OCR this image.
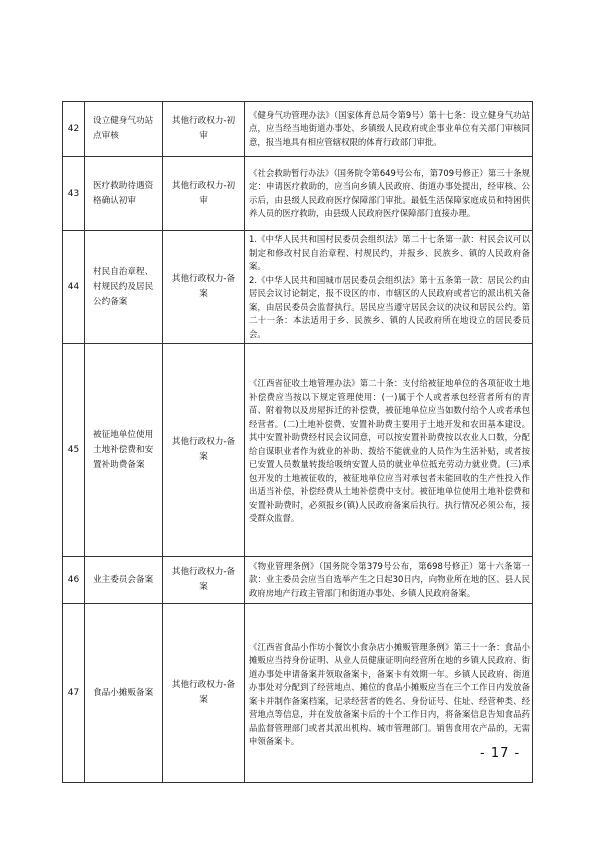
42	设立健身气功站点审核	其他行政权力-初审	《健身气功管理办法》（国家体育总局令第9号）第十七条：设立健身气功站点，应当经当地街道办事处、乡镇级人民政府或企事业单位有关部门审核同意，报当地具有相应管辖权限的体育行政部门审批。

43	医疗救助待遇资格确认初审	其他行政权力-初审	《社会救助暂行办法》（国务院令第649号公布，第709号修正）第三十条规定：申请医疗救助的，应当向乡镇人民政府、街道办事处提出，经审核、公示后，由县级人民政府医疗保障部门审批。最低生活保障家庭成员和特困供养人员的医疗救助，由县级人民政府医疗保障部门直接办理。

44	村民自治章程、村规民约及居民公约备案	其他行政权力-备案	1.《中华人民共和国村民委员会组织法》第二十七条第一款：村民会议可以制定和修改村民自治章程、村规民约，并报乡、民族乡、镇的人民政府备案。

2.《中华人民共和国城市居民委员会组织法》第十五条第一款：居民公约由居民会议讨论制定，报不设区的市、市辖区的人民政府或者它的派出机关备案，由居民委员会监督执行。居民应当遵守居民会议的决议和居民公约。第二十一条：本法适用于乡、民族乡、镇的人民政府所在地设立的居民委员会。

45	被征地单位使用土地补偿费和安置补助费备案	其他行政权力-备案	《江西省征收土地管理办法》第二十条：支付给被征地单位的各项征收土地补偿费应当按以下规定管理使用：(一)属于个人或者承包经营者所有的青苗、附着物以及房屋拆迁的补偿费，被征地单位应当如数付给个人或者承包经营者。(二)土地补偿费、安置补助费主要用于土地开发和农田基本建设。其中安置补助费经村民会议同意，可以按安置补助费按以农业人口数，分配给自谋职业者作为就业的补助、拨给不能就业的人员作为生活补贴，或者按已安置人员数量转拨给吸纳安置人员的就业单位抵充劳动力就业费。(三)承包开发的土地被征收的，被征地单位应当对承包者未能回收的生产性投入作出适当补偿，补偿经费从土地补偿费中支付。被征地单位使用土地补偿费和安置补助费时，必须报乡(镇)人民政府备案后执行。执行情况必须公布，接受群众监督。

46	业主委员会备案	其他行政权力-备案	《物业管理条例》（国务院令第379号公布，第698号修正）第十六条第一款：业主委员会应当自选举产生之日起30日内，向物业所在地的区、县人民政府房地产行政主管部门和街道办事处、乡镇人民政府备案。

47	食品小摊贩备案	其他行政权力-备案	《江西省食品小作坊小餐饮小食杂店小摊贩管理条例》第三十一条：食品小摊贩应当持身份证明、从业人员健康证明向经营所在地的乡镇人民政府、街道办事处申请备案并领取备案卡，备案卡有效期一年。乡镇人民政府、街道办事处对分配到了经营地点、摊位的食品小摊贩应当在三个工作日内发放备案卡并制作备案档案，记录经营者的姓名、身份证号、住址、经营种类、经营地点等信息，并在发放备案卡后的十个工作日内，将备案信息告知食品药品监督管理部门或者其派出机构、城市管理部门。销售食用农产品的，无需申领备案卡。

- 17 -
